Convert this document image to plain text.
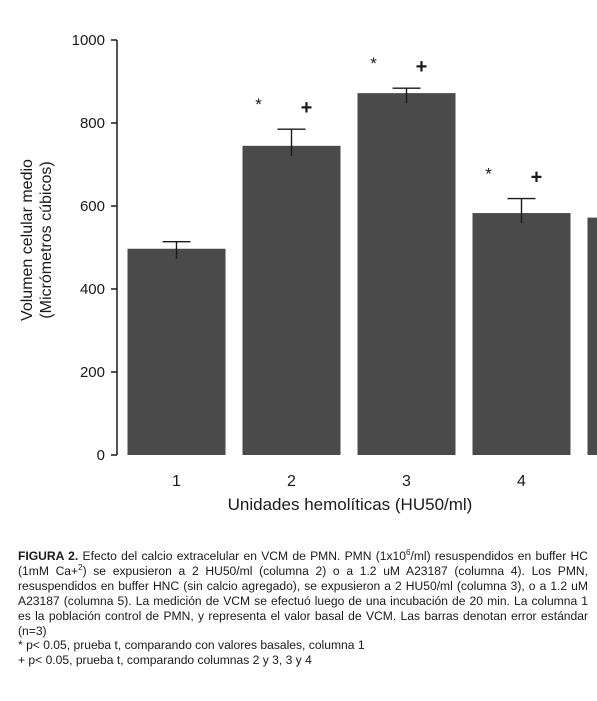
* +
* +
* +
0
200
400
600
800
1000
1	2	3	4
Volumen celular medio (Micrómetros cúbicos)
Unidades hemolíticas (HU50/ml)

FIGURA 2. Efecto del calcio extracelular en VCM de PMN. PMN $(1x10^6/ml)$ resuspendidos en buffer HC (1mM Ca+$^2$) se expusieron a 2 HU50/ml (columna 2) o a 1.2 uM A23187 (columna 4). Los PMN, resuspendidos en buffer HNC (sin calcio agregado), se expusieron a 2 HU50/ml (columna 3), o a 1.2 uM A23187 (columna 5). La medición de VCM se efectuó luego de una incubación de 20 min. La columna 1 es la población control de PMN, y representa el valor basal de VCM. Las barras denotan error estándar (n=3)

* p< 0.05, prueba t, comparando con valores basales, columna 1

+ p< 0.05, prueba t, comparando columnas 2 y 3, 3 y 4
